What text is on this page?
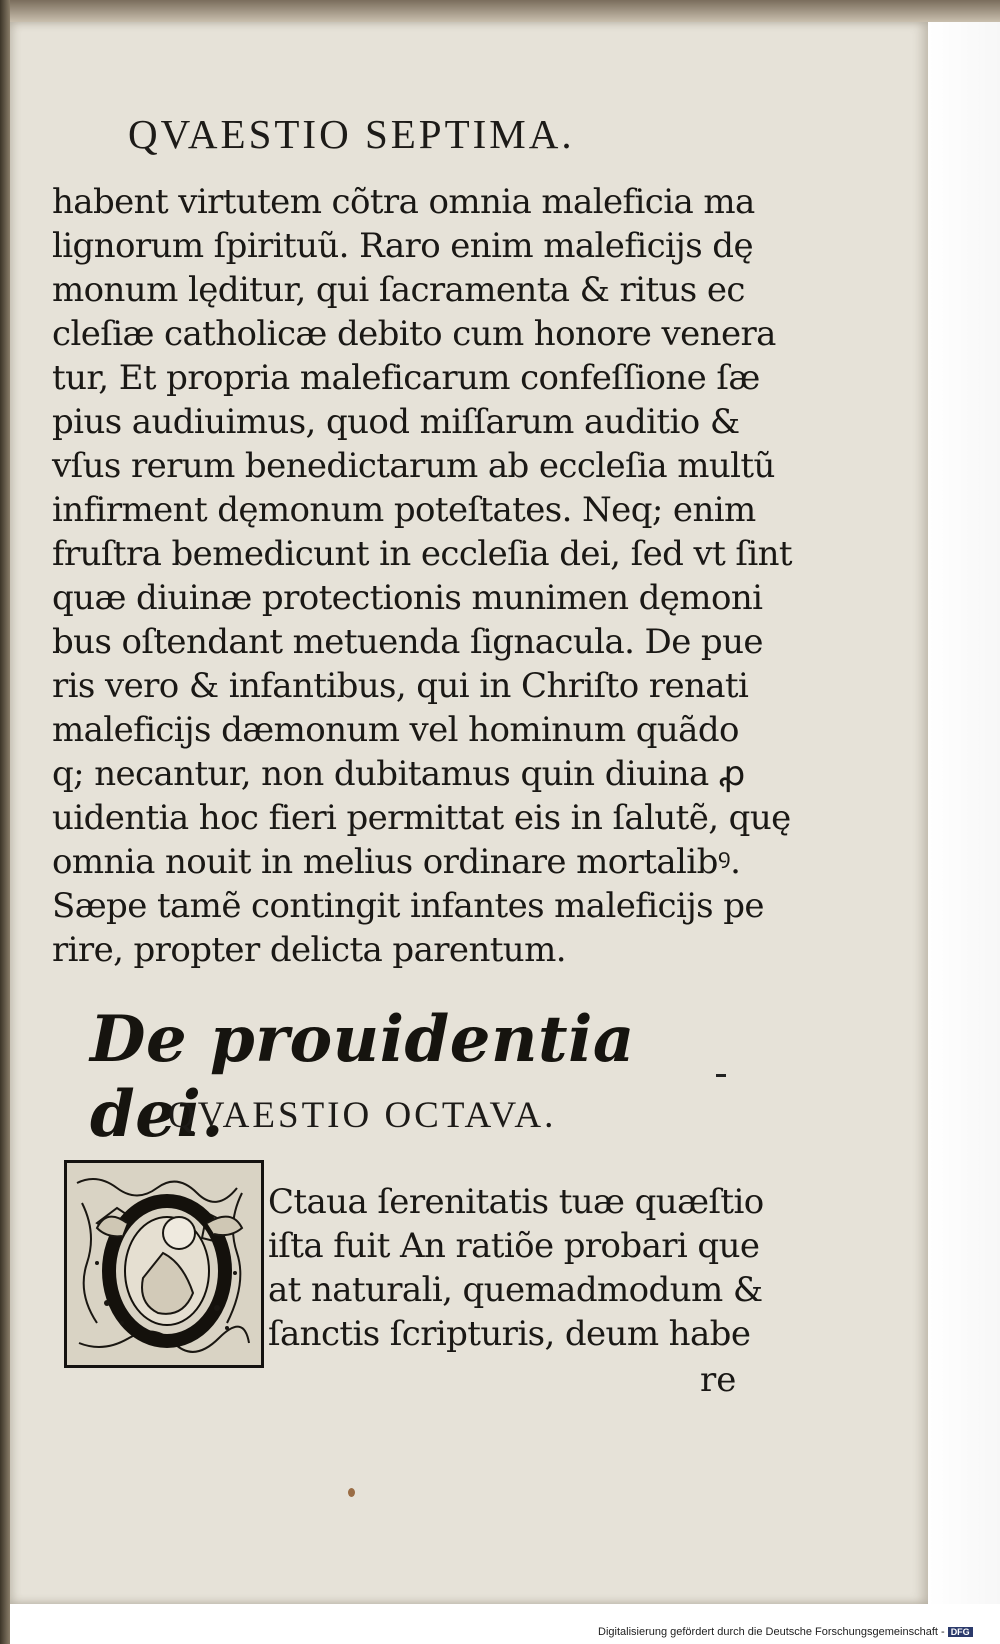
QVAESTIO SEPTIMA.
habent virtutem cõtra omnia maleficia ma
lignorum ſpirituũ. Raro enim maleficijs dę
monum lęditur, qui ſacramenta & ritus ec
cleſiæ catholicæ debito cum honore venera
tur, Et propria maleficarum confeſſione ſæ
pius audiuimus, quod miſſarum auditio &
vſus rerum benedictarum ab eccleſia multũ
infirment dęmonum poteſtates. Neq; enim
fruſtra bemedicunt in eccleſia dei, ſed vt ſint
quæ diuinæ protectionis munimen dęmoni
bus oſtendant metuenda ſignacula. De pue
ris vero & infantibus, qui in Chriſto renati
maleficijs dæmonum vel hominum quãdo
q; necantur, non dubitamus quin diuina ꝓ
uidentia hoc fieri permittat eis in ſalutẽ, quę
omnia nouit in melius ordinare mortalibꝰ.
Sæpe tamẽ contingit infantes maleficijs pe
rire, propter delicta parentum.
De prouidentia dei.
QVAESTIO OCTAVA.
Ctaua ſerenitatis tuæ quæſtio
iſta fuit An ratiõe probari que
at naturali, quemadmodum &
ſanctis ſcripturis, deum habe
re
Digitalisierung gefördert durch die Deutsche Forschungsgemeinschaft - DFG
